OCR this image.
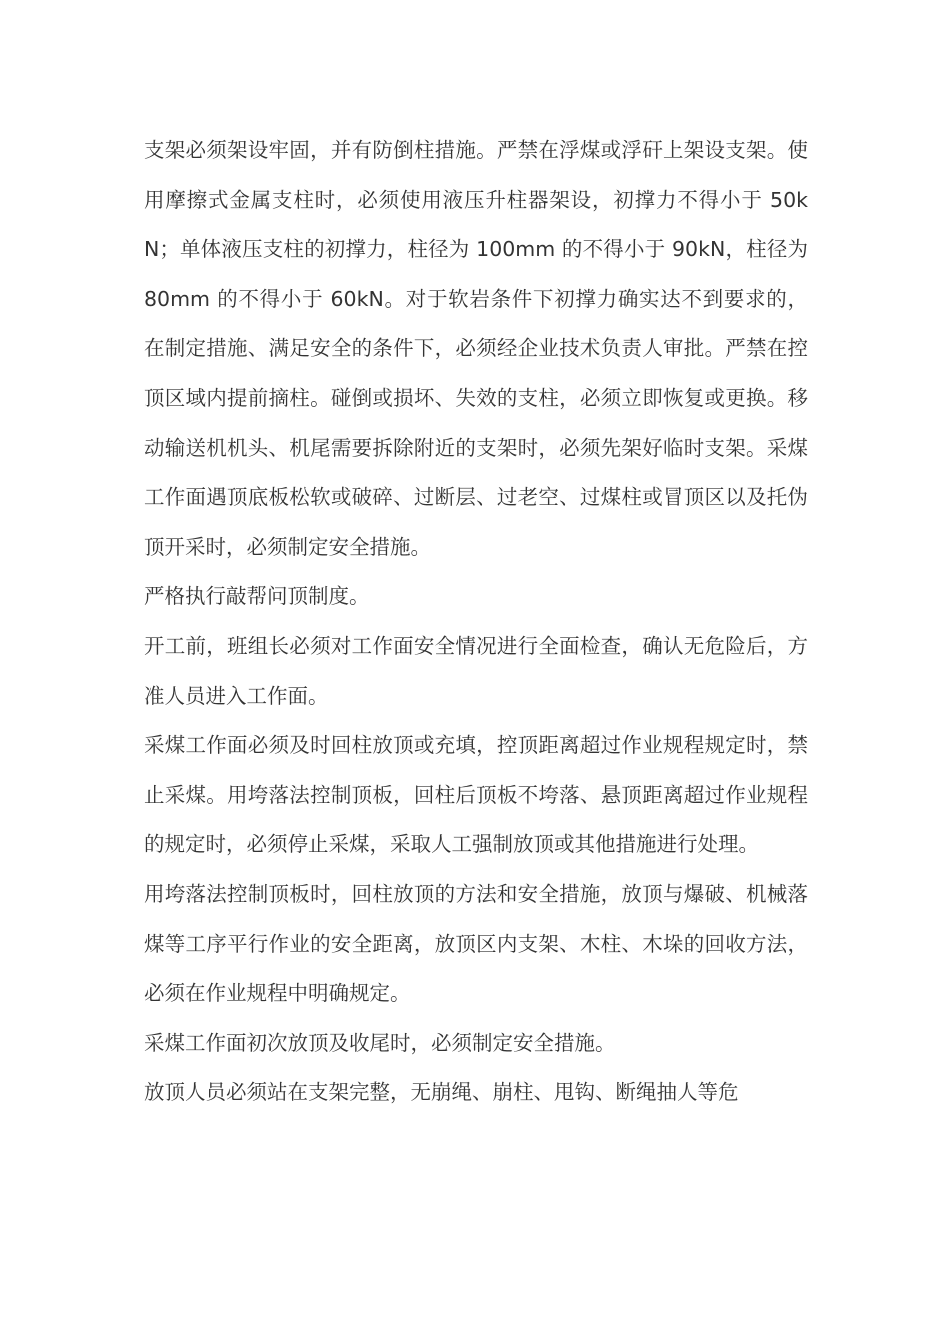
支架必须架设牢固，并有防倒柱措施。严禁在浮煤或浮矸上架设支架。使用摩擦式金属支柱时，必须使用液压升柱器架设，初撑力不得小于 50kN；单体液压支柱的初撑力，柱径为 100mm 的不得小于 90kN，柱径为 80mm 的不得小于 60kN。对于软岩条件下初撑力确实达不到要求的，在制定措施、满足安全的条件下，必须经企业技术负责人审批。严禁在控顶区域内提前摘柱。碰倒或损坏、失效的支柱，必须立即恢复或更换。移动输送机机头、机尾需要拆除附近的支架时，必须先架好临时支架。采煤工作面遇顶底板松软或破碎、过断层、过老空、过煤柱或冒顶区以及托伪顶开采时，必须制定安全措施。

严格执行敲帮问顶制度。

开工前，班组长必须对工作面安全情况进行全面检查，确认无危险后，方准人员进入工作面。

采煤工作面必须及时回柱放顶或充填，控顶距离超过作业规程规定时，禁止采煤。用垮落法控制顶板，回柱后顶板不垮落、悬顶距离超过作业规程的规定时，必须停止采煤，采取人工强制放顶或其他措施进行处理。

用垮落法控制顶板时，回柱放顶的方法和安全措施，放顶与爆破、机械落煤等工序平行作业的安全距离，放顶区内支架、木柱、木垛的回收方法，必须在作业规程中明确规定。

采煤工作面初次放顶及收尾时，必须制定安全措施。

放顶人员必须站在支架完整，无崩绳、崩柱、甩钩、断绳抽人等危
